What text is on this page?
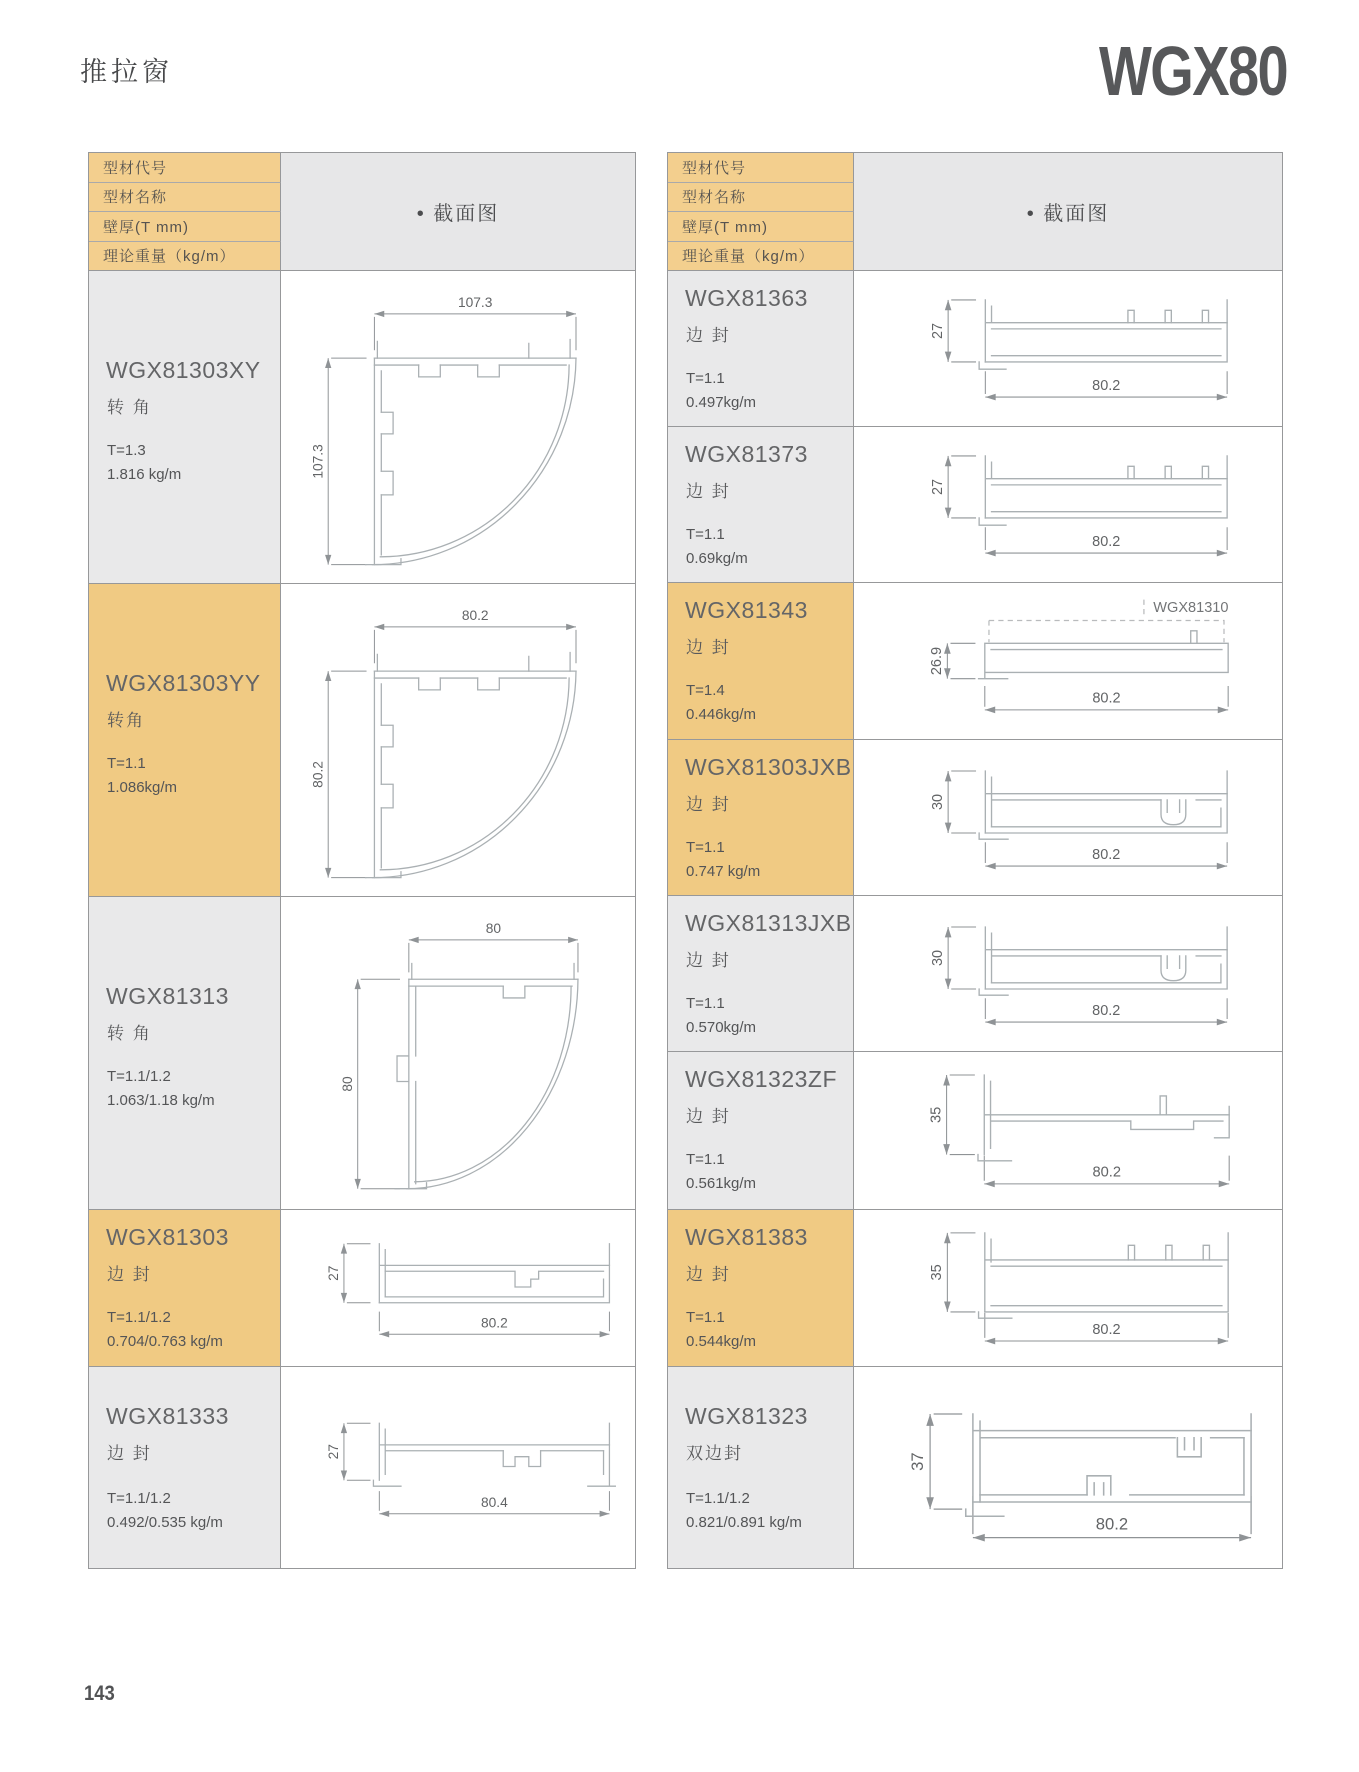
推拉窗	WGX80
型材代号
型材名称
壁厚(T mm)
理论重量（kg/m）
• 截面图
WGX81303XY
转 角
T=1.3
1.816 kg/m
107.3
107.3
WGX81303YY
转角
T=1.1
1.086kg/m
80.2
80.2
WGX81313
转 角
T=1.1/1.2
1.063/1.18 kg/m
80
80
WGX81303
边 封
T=1.1/1.2
0.704/0.763 kg/m
27
80.2
WGX81333
边 封
T=1.1/1.2
0.492/0.535 kg/m
27
80.4
型材代号
型材名称
壁厚(T mm)
理论重量（kg/m）
• 截面图
WGX81363
边 封
T=1.1
0.497kg/m
27
80.2
WGX81373
边 封
T=1.1
0.69kg/m
27
80.2
WGX81343
边 封
T=1.4
0.446kg/m
WGX81310
26.9
80.2
WGX81303JXB
边 封
T=1.1
0.747 kg/m
30
80.2
WGX81313JXB
边 封
T=1.1
0.570kg/m
30
80.2
WGX81323ZF
边 封
T=1.1
0.561kg/m
35
80.2
WGX81383
边 封
T=1.1
0.544kg/m
35
80.2
WGX81323
双边封
T=1.1/1.2
0.821/0.891 kg/m
37
80.2
143
